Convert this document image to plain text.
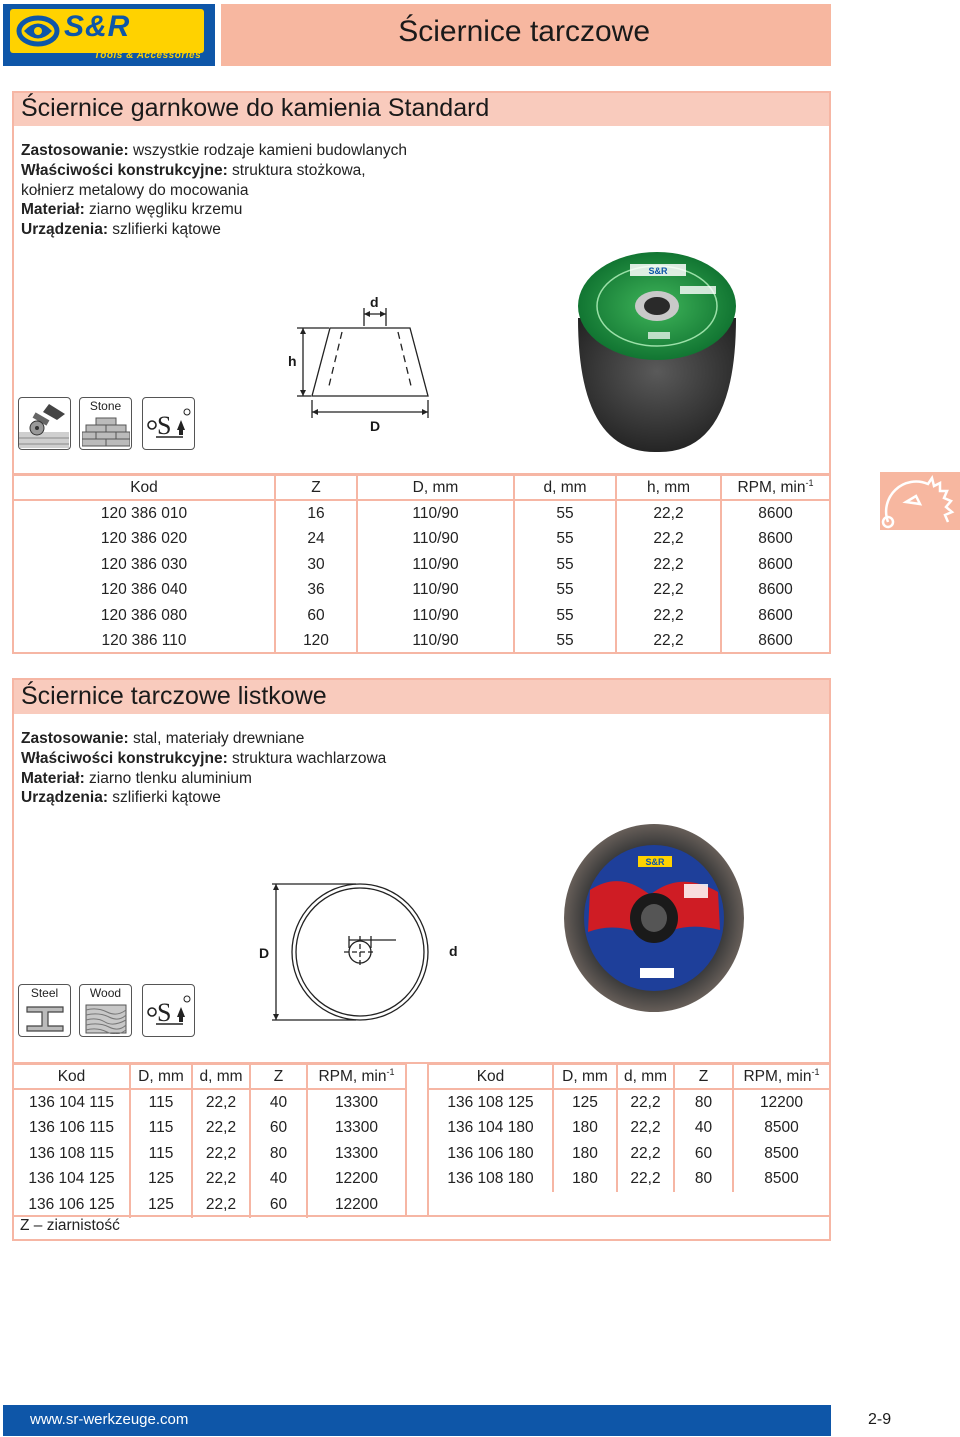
S&R
Tools & Accessories
Ściernice tarczowe
Ściernice garnkowe do kamienia Standard
Zastosowanie: wszystkie rodzaje kamieni budowlanych
Właściwości konstrukcyjne: struktura stożkowa,
kołnierz metalowy do mocowania
Materiał: ziarno węgliku krzemu
Urządzenia: szlifierki kątowe
Stone
S
d
h
D
S&R
Kod	Z	D, mm	d, mm	h, mm	RPM, $\min^{-1}$
120 386 010	16	110/90	55	22,2	8600
120 386 020	24	110/90	55	22,2	8600
120 386 030	30	110/90	55	22,2	8600
120 386 040	36	110/90	55	22,2	8600
120 386 080	60	110/90	55	22,2	8600
120 386 110	120	110/90	55	22,2	8600
Ściernice tarczowe listkowe
Zastosowanie: stal, materiały drewniane
Właściwości konstrukcyjne: struktura wachlarzowa
Materiał: ziarno tlenku aluminium
Urządzenia: szlifierki kątowe
Steel	Wood
S
D	d
S&R
Kod	D, mm	d, mm	Z	RPM, $\min^{-1}$
136 104 115	115	22,2	40	13300
136 106 115	115	22,2	60	13300
136 108 115	115	22,2	80	13300
136 104 125	125	22,2	40	12200
136 106 125	125	22,2	60	12200
Kod	D, mm	d, mm	Z	RPM, $\min^{-1}$
136 108 125	125	22,2	80	12200
136 104 180	180	22,2	40	8500
136 106 180	180	22,2	60	8500
136 108 180	180	22,2	80	8500
Z – ziarnistość
www.sr-werkzeuge.com	2-9
